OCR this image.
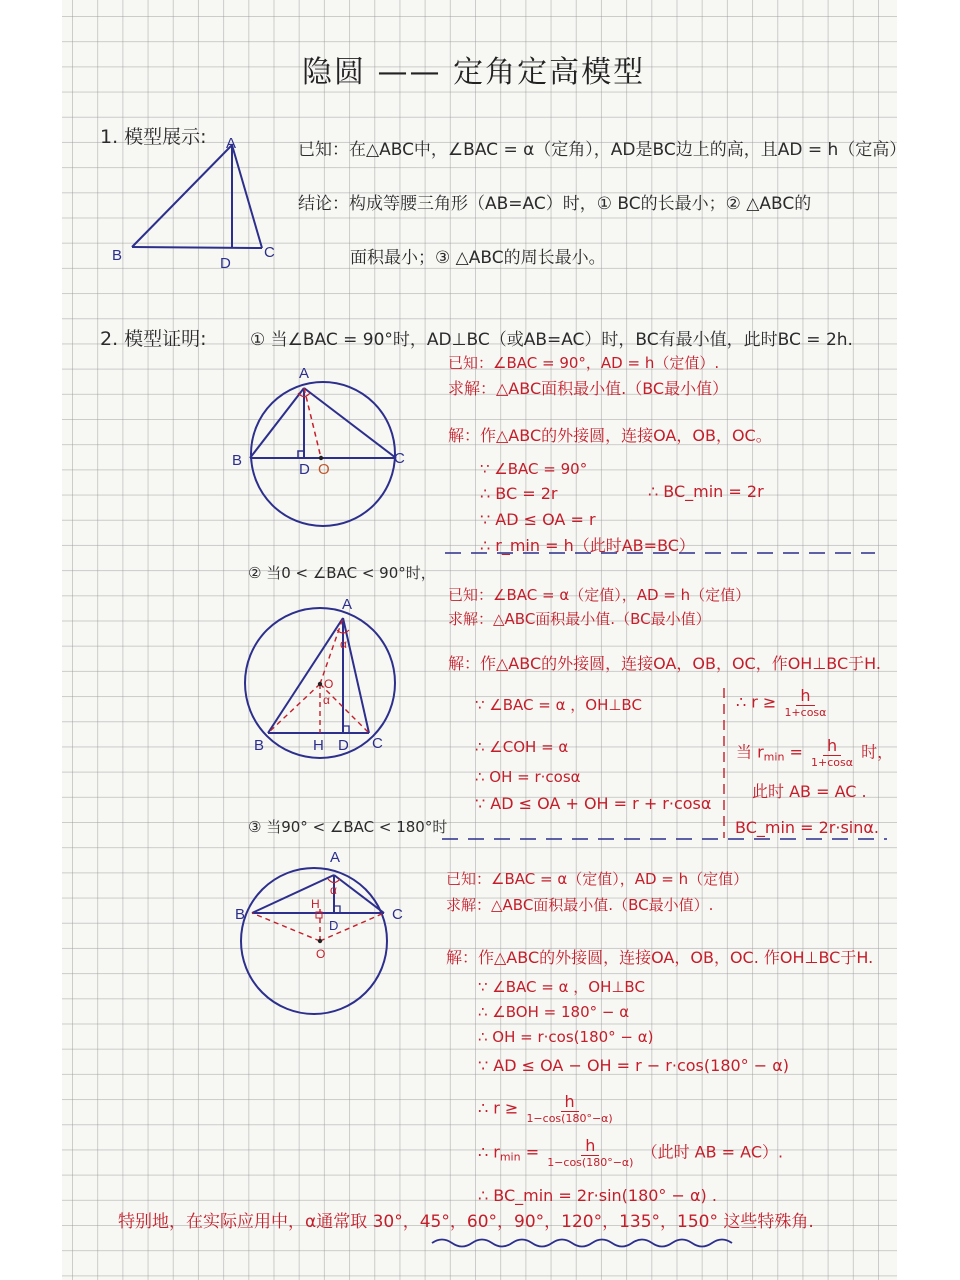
隐圆 —— 定角定高模型
1. 模型展示: A
B	C
D
已知：在△ABC中，∠BAC = α（定角），AD是BC边上的高，且AD = h（定高）
结论：构成等腰三角形（AB=AC）时，① BC的长最小；② △ABC的
面积最小；③ △ABC的周长最小。
2. 模型证明:	① 当∠BAC = 90°时，AD⊥BC（或AB=AC）时，BC有最小值，此时BC = 2h.
A
B	C
D O
已知：∠BAC = 90°，AD = h（定值）.
求解：△ABC面积最小值.（BC最小值）
解：作△ABC的外接圆，连接OA，OB，OC。
∵ ∠BAC = 90°
∴ BC = 2r	∴ BC_min = 2r
∵ AD ≤ OA = r
∴ r_min = h（此时AB=BC）
② 当0 < ∠BAC < 90°时，
A
B	C
D
H
O
α
α
已知：∠BAC = α（定值），AD = h（定值）
求解：△ABC面积最小值.（BC最小值）
解：作△ABC的外接圆，连接OA，OB，OC，作OH⊥BC于H.
∵ ∠BAC = α ，OH⊥BC
∴ ∠COH = α
∴ OH = r·cosα
∵ AD ≤ OA + OH = r + r·cosα
∴ $r \ge \frac{h}{1+\cos\alpha}$
当 $r_{min} = \frac{h}{1+\cos\alpha}$ 时，
此时 AB = AC .
BC_min = 2r·sinα.
③ 当90° < ∠BAC < 180°时
A
B	C
D
H
O
α
已知：∠BAC = α（定值），AD = h（定值）
求解：△ABC面积最小值.（BC最小值）.
解：作△ABC的外接圆，连接OA，OB，OC. 作OH⊥BC于H.
∵ ∠BAC = α ，OH⊥BC
∴ ∠BOH = 180° − α
∴ OH = r·cos(180° − α)
∵ AD ≤ OA − OH = r − r·cos(180° − α)
∴ $r \ge \frac{h}{1-\cos(180^\circ-\alpha)}$
∴ $r_{min} = \frac{h}{1-\cos(180^\circ-\alpha)}$ （此时 AB = AC）.
∴ BC_min = 2r·sin(180° − α) .
特别地，在实际应用中，α通常取 30°，45°，60°，90°，120°，135°，150° 这些特殊角.
